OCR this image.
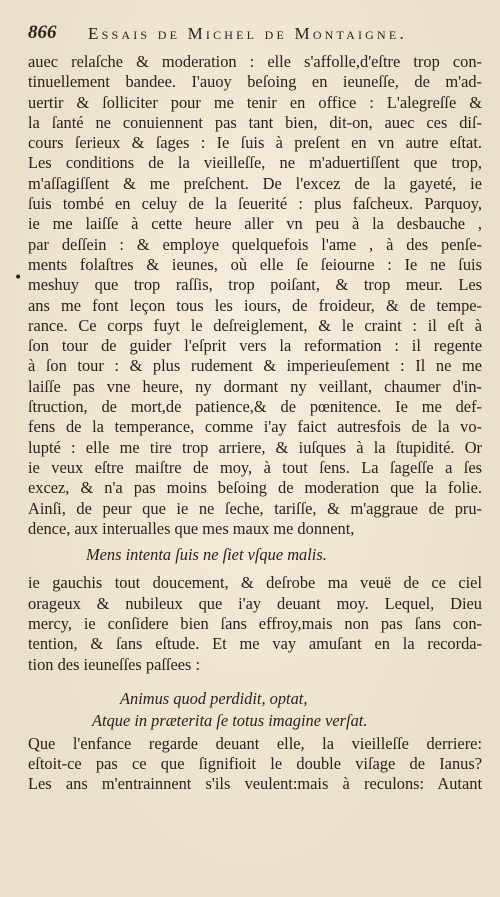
866 Essais de Michel de Montaigne.
•
auec relaſche & moderation : elle s'affolle,d'eſtre trop con-
tinuellement bandee. I'auoy beſoing en ieuneſſe, de m'ad-
uertir & ſolliciter pour me tenir en office : L'alegreſſe &
la ſanté ne conuiennent pas tant bien, dit-on, auec ces diſ-
cours ſerieux & ſages : Ie ſuis à preſent en vn autre eſtat.
Les conditions de la vieilleſſe, ne m'aduertiſſent que trop,
m'aſſagiſſent & me preſchent. De l'excez de la gayeté, ie
ſuis tombé en celuy de la ſeuerité : plus faſcheux. Parquoy,
ie me laiſſe à cette heure aller vn peu à la desbauche ,
par deſſein : & employe quelquefois l'ame , à des penſe-
ments folaſtres & ieunes, où elle ſe ſeiourne : Ie ne ſuis
meshuy que trop raſſis, trop poiſant, & trop meur. Les
ans me font leçon tous les iours, de froideur, & de tempe-
rance. Ce corps fuyt le deſreiglement, & le craint : il eſt à
ſon tour de guider l'eſprit vers la reformation : il regente
à ſon tour : & plus rudement & imperieuſement : Il ne me
laiſſe pas vne heure, ny dormant ny veillant, chaumer d'in-
ſtruction, de mort,de patience,& de pœnitence. Ie me def-
fens de la temperance, comme i'ay faict autresfois de la vo-
lupté : elle me tire trop arriere, & iuſques à la ſtupidité. Or
ie veux eſtre maiſtre de moy, à tout ſens. La ſageſſe a ſes
excez, & n'a pas moins beſoing de moderation que la folie.
Ainſi, de peur que ie ne ſeche, tariſſe, & m'aggraue de pru-
dence, aux interualles que mes maux me donnent,
Mens intenta ſuis ne ſiet vſque malis.
ie gauchis tout doucement, & deſrobe ma veuë de ce ciel
orageux & nubileux que i'ay deuant moy. Lequel, Dieu
mercy, ie conſidere bien ſans effroy,mais non pas ſans con-
tention, & ſans eſtude. Et me vay amuſant en la recorda-
tion des ieuneſſes paſſees :
Animus quod perdidit, optat,
Atque in præterita ſe totus imagine verſat.
Que l'enfance regarde deuant elle, la vieilleſſe derriere:
eſtoit-ce pas ce que ſignifioit le double viſage de Ianus?
Les ans m'entrainnent s'ils veulent:mais à reculons: Autant
